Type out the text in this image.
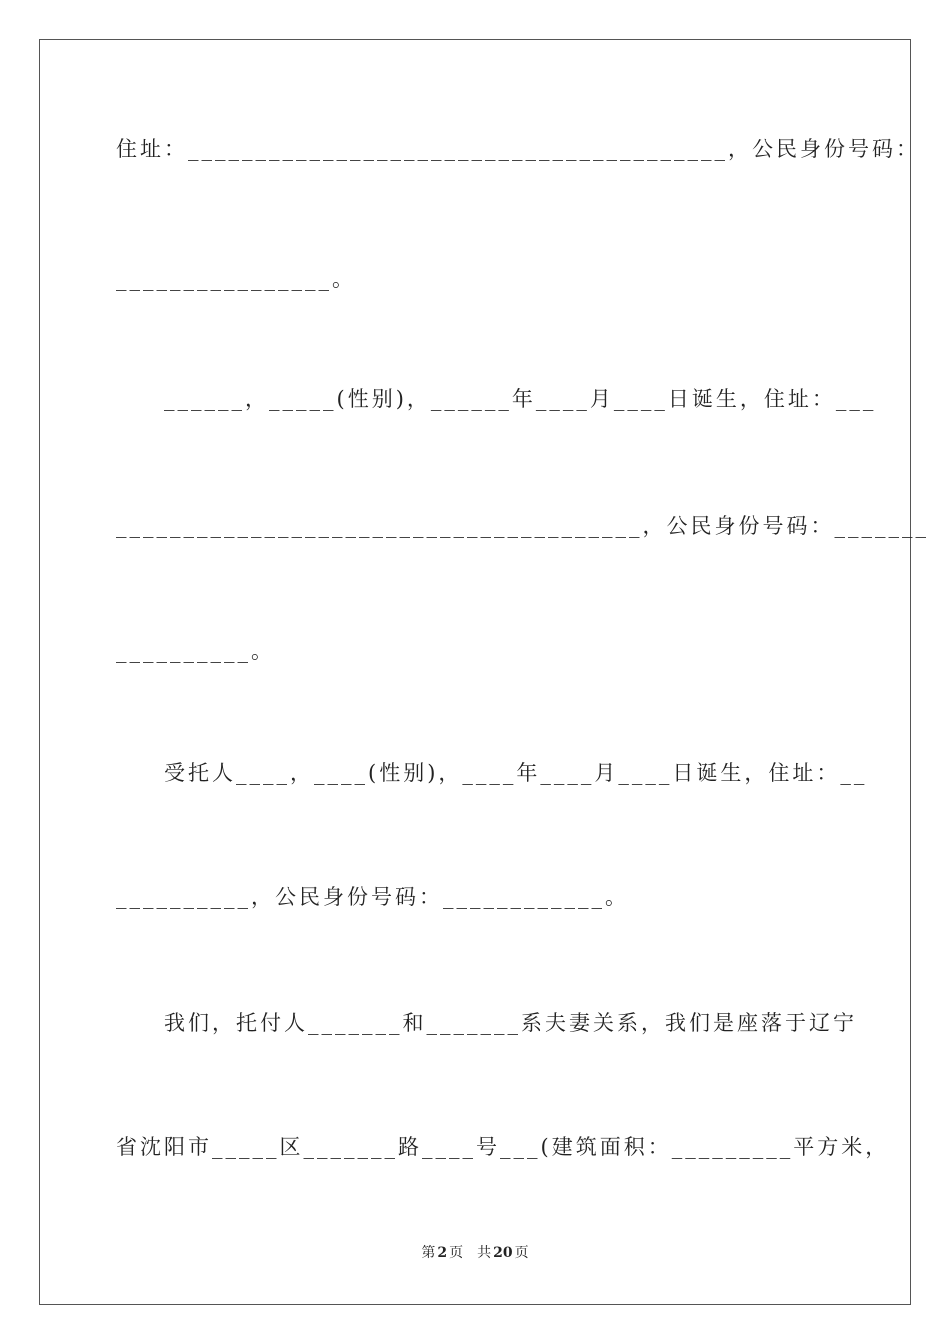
住址：________________________________________，公民身份号码：
________________。
　　______，_____(性别)，______年____月____日诞生，住址：___
_______________________________________，公民身份号码：_______
__________。
　　受托人____，____(性别)，____年____月____日诞生，住址：__
__________，公民身份号码：____________。
　　我们，托付人_______和_______系夫妻关系，我们是座落于辽宁
省沈阳市_____区_______路____号___(建筑面积：_________平方米，
第 2 页　共 20 页
